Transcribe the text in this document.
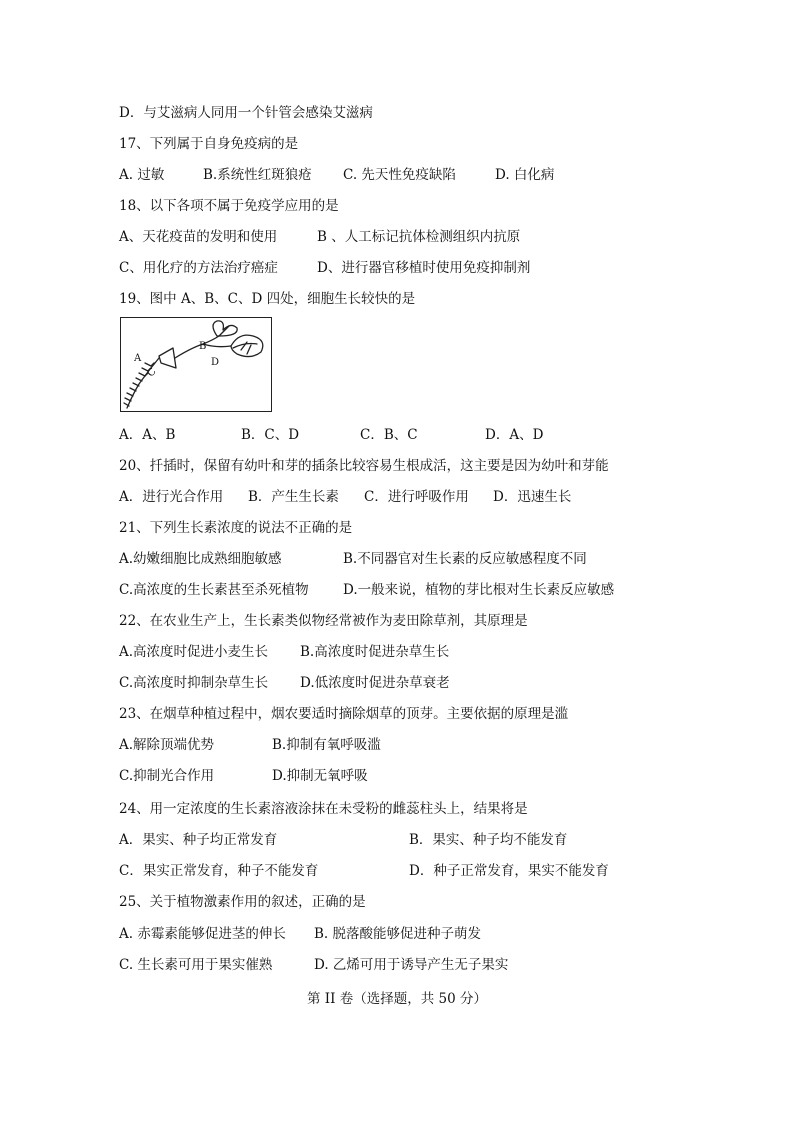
D．与艾滋病人同用一个针管会感染艾滋病
17、下列属于自身免疫病的是
A. 过敏	B.系统性红斑狼疮 C. 先天性免疫缺陷	D. 白化病
18、以下各项不属于免疫学应用的是
A、天花疫苗的发明和使用	B 、人工标记抗体检测组织内抗原
C、用化疗的方法治疗癌症	D、进行器官移植时使用免疫抑制剂
19、图中 A、B、C、D 四处，细胞生长较快的是
A
B
C
D
A．A、B	B．C、D	C．B、C	D．A、D
20、扦插时，保留有幼叶和芽的插条比较容易生根成活，这主要是因为幼叶和芽能
A．进行光合作用 B．产生生长素 C．进行呼吸作用 D．迅速生长
21、下列生长素浓度的说法不正确的是
A.幼嫩细胞比成熟细胞敏感	B.不同器官对生长素的反应敏感程度不同
C.高浓度的生长素甚至杀死植物	D.一般来说，植物的芽比根对生长素反应敏感
22、在农业生产上，生长素类似物经常被作为麦田除草剂，其原理是
A.高浓度时促进小麦生长 B.高浓度时促进杂草生长
C.高浓度时抑制杂草生长 D.低浓度时促进杂草衰老
23、在烟草种植过程中，烟农要适时摘除烟草的顶芽。主要依据的原理是滥
A.解除顶端优势	B.抑制有氧呼吸滥
C.抑制光合作用	D.抑制无氧呼吸
24、用一定浓度的生长素溶液涂抹在未受粉的雌蕊柱头上，结果将是
A．果实、种子均正常发育	B．果实、种子均不能发育
C．果实正常发育，种子不能发育	D．种子正常发育，果实不能发育
25、关于植物激素作用的叙述，正确的是
A. 赤霉素能够促进茎的伸长 B. 脱落酸能够促进种子萌发
C. 生长素可用于果实催熟	D. 乙烯可用于诱导产生无子果实
第 II 卷（选择题，共 50 分）
